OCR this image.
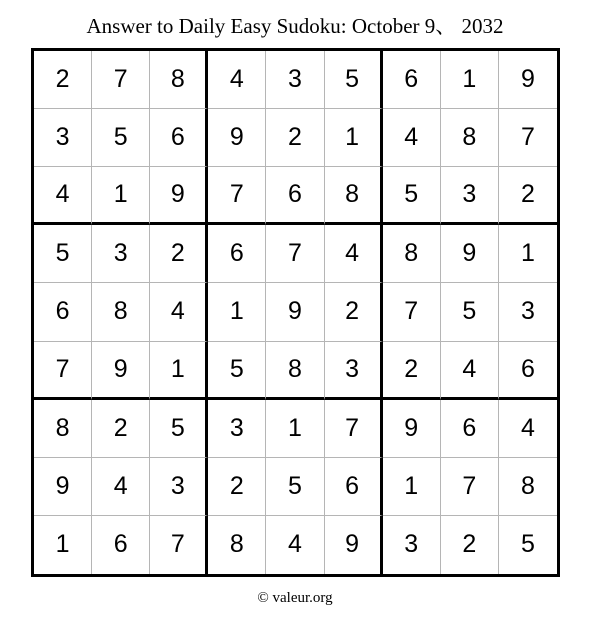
Answer to Daily Easy Sudoku: October 9、 2032
2	7	8	4	3	5	6	1	9
3	5	6	9	2	1	4	8	7
4	1	9	7	6	8	5	3	2
5	3	2	6	7	4	8	9	1
6	8	4	1	9	2	7	5	3
7	9	1	5	8	3	2	4	6
8	2	5	3	1	7	9	6	4
9	4	3	2	5	6	1	7	8
1	6	7	8	4	9	3	2	5
© valeur.org
